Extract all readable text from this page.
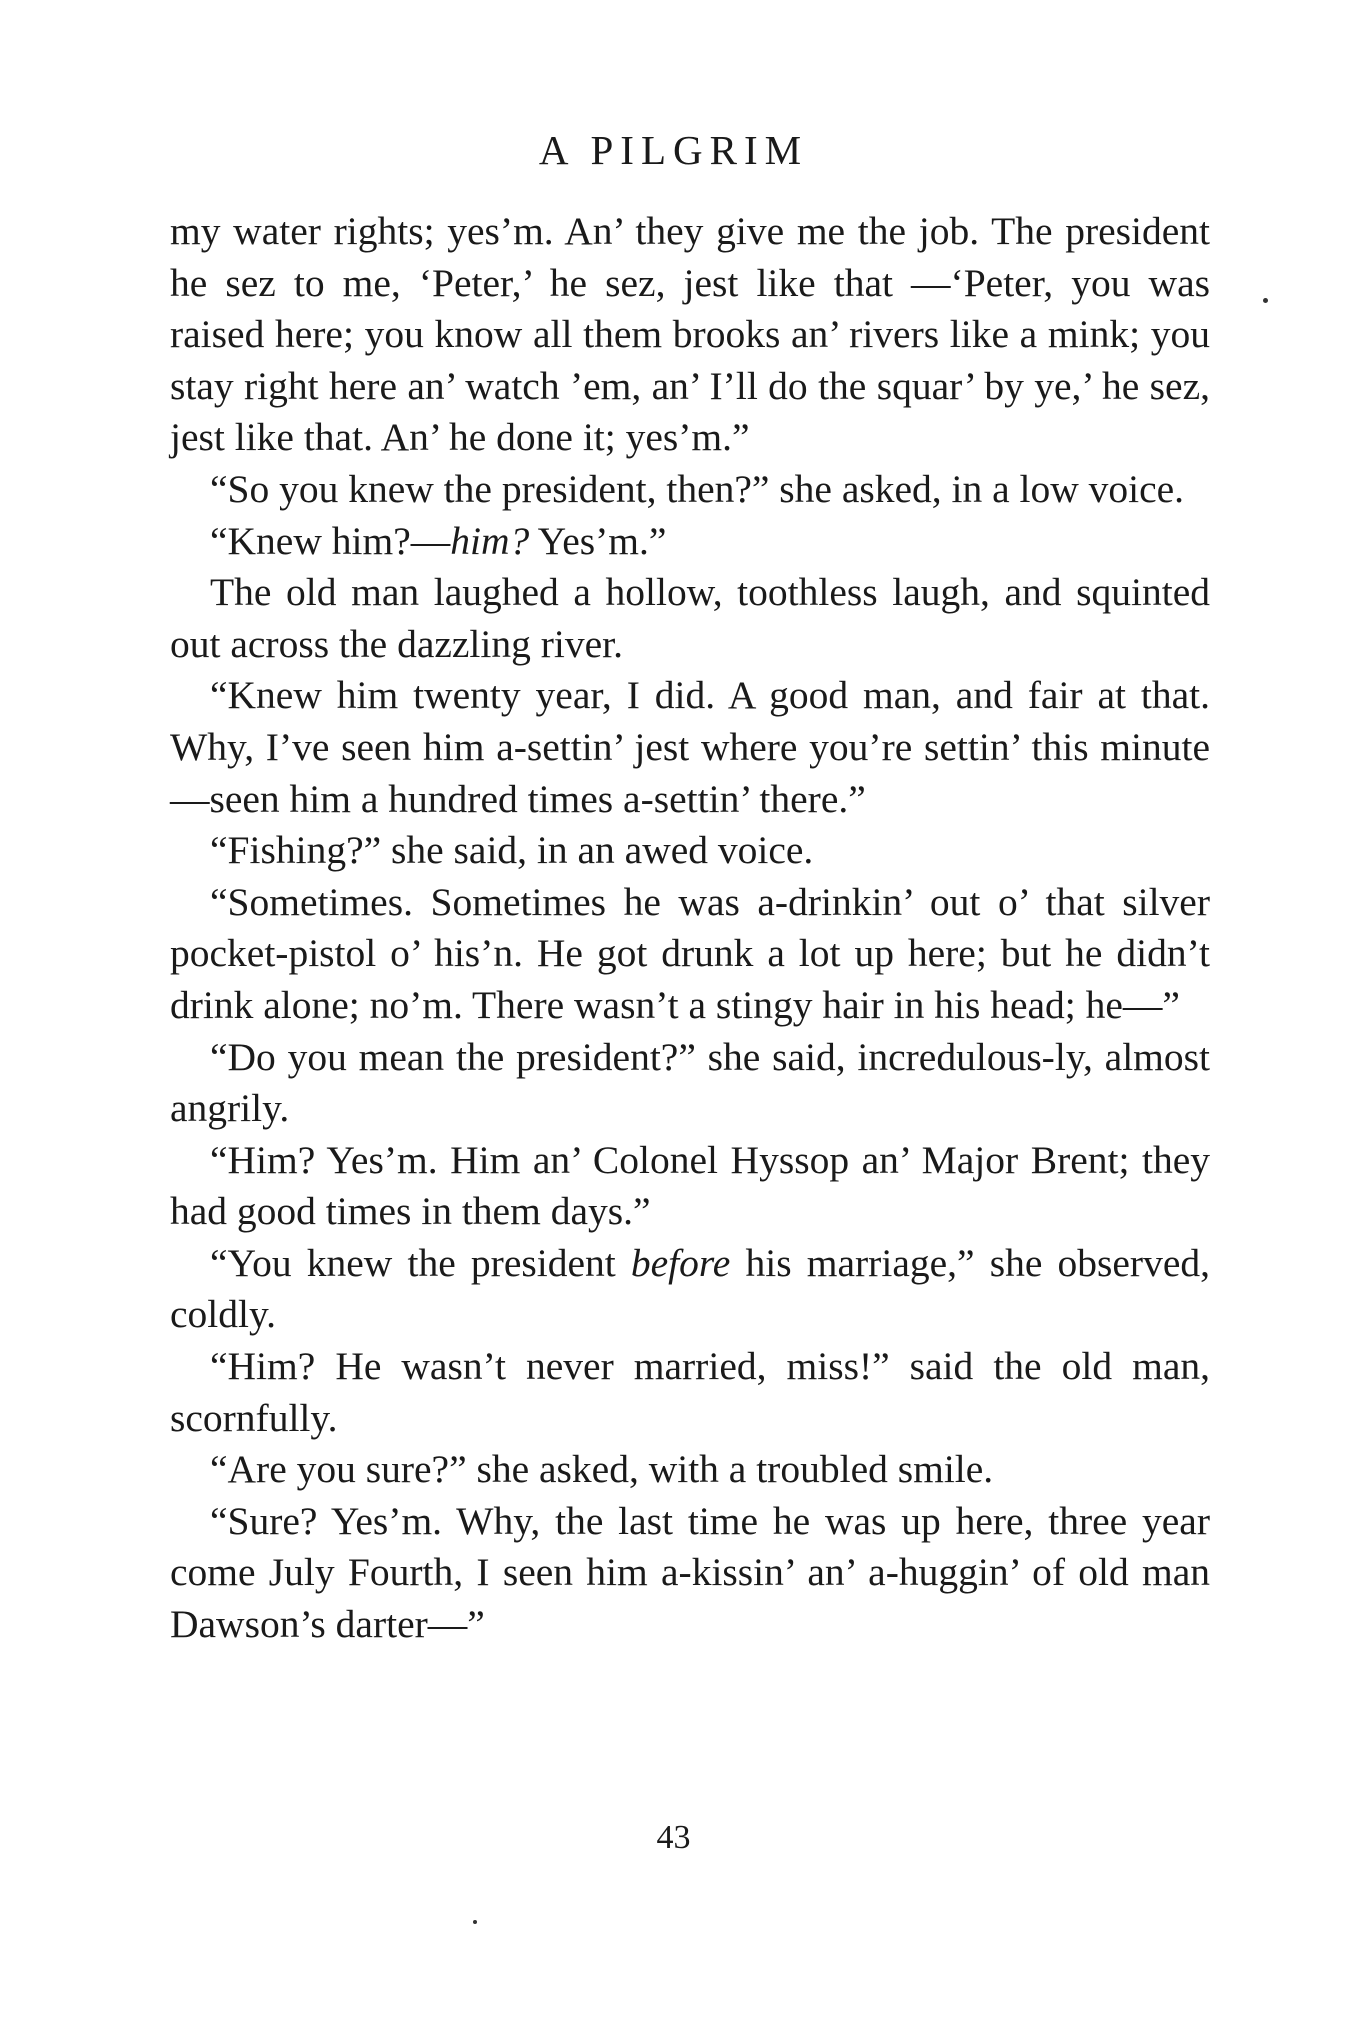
A PILGRIM

my water rights; yes’m. An’ they give me the job. The president he sez to me, ‘Peter,’ he sez, jest like that —‘Peter, you was raised here; you know all them brooks an’ rivers like a mink; you stay right here an’ watch ’em, an’ I’ll do the squar’ by ye,’ he sez, jest like that. An’ he done it; yes’m.”

“So you knew the president, then?” she asked, in a low voice.

“Knew him?—him? Yes’m.”

The old man laughed a hollow, toothless laugh, and squinted out across the dazzling river.

“Knew him twenty year, I did. A good man, and fair at that. Why, I’ve seen him a-settin’ jest where you’re settin’ this minute—seen him a hundred times a-settin’ there.”

“Fishing?” she said, in an awed voice.

“Sometimes. Sometimes he was a-drinkin’ out o’ that silver pocket-pistol o’ his’n. He got drunk a lot up here; but he didn’t drink alone; no’m. There wasn’t a stingy hair in his head; he—”

“Do you mean the president?” she said, incredulous-ly, almost angrily.

“Him? Yes’m. Him an’ Colonel Hyssop an’ Major Brent; they had good times in them days.”

“You knew the president before his marriage,” she observed, coldly.

“Him? He wasn’t never married, miss!” said the old man, scornfully.

“Are you sure?” she asked, with a troubled smile.

“Sure? Yes’m. Why, the last time he was up here, three year come July Fourth, I seen him a-kissin’ an’ a-huggin’ of old man Dawson’s darter—”

43
